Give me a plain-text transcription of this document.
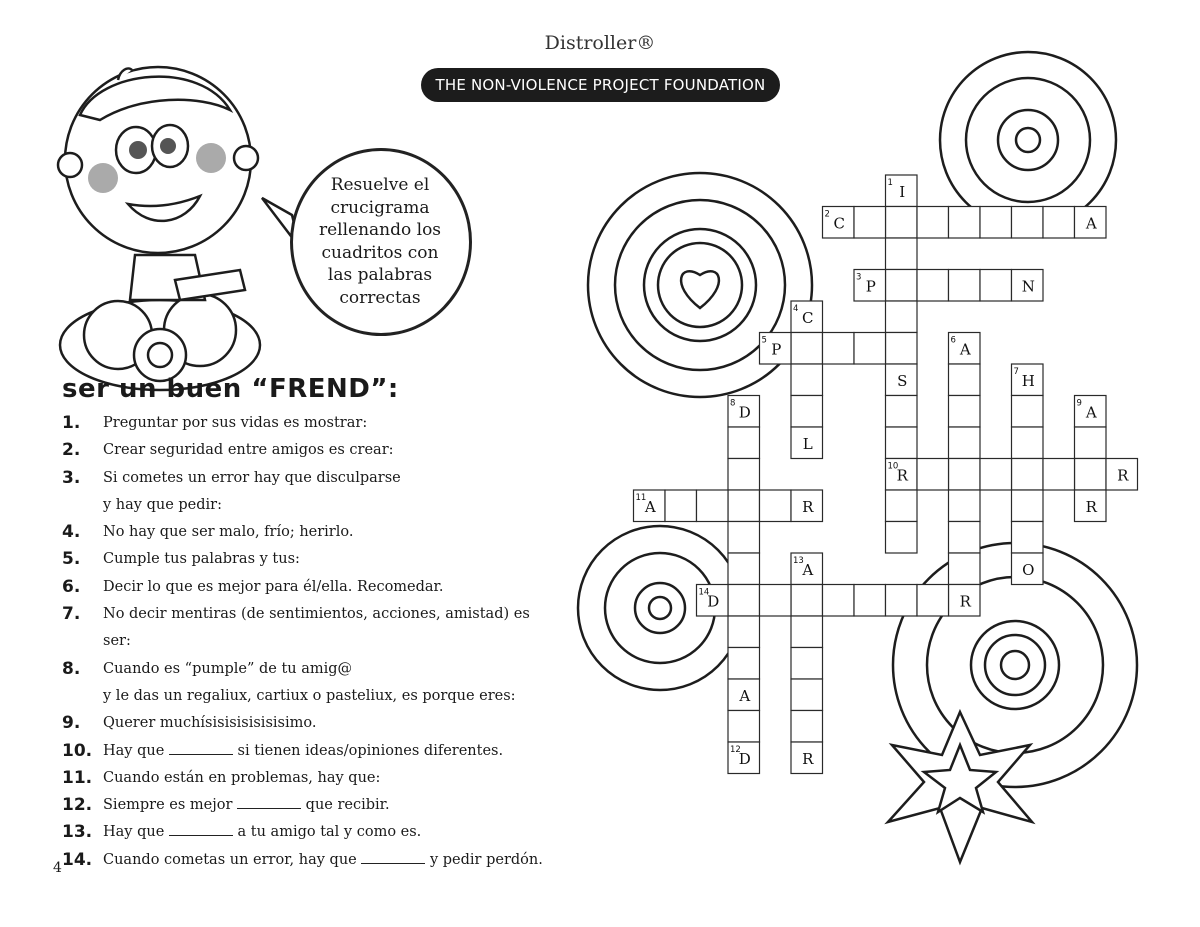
Distroller®
THE NON-VIOLENCE PROJECT FOUNDATION
1
2
3
4
5	6
7
8	9
10
11
13
14
12
I
C	A
P	N
C
P	A
S	H
D	A
L
R	R
A	R	R
A	O
D	R
A
D	R
Resuelve el
crucigrama
rellenando los
cuadritos con
las palabras
correctas
ser un buen “FREND”:
1.	Preguntar por sus vidas es mostrar:
2.	Crear seguridad entre amigos es crear:
3.	Si cometes un error hay que disculparse
y hay que pedir:
4.	No hay que ser malo, frío; herirlo.
5.	Cumple tus palabras y tus:
6.	Decir lo que es mejor para él/ella. Recomedar.
7.	No decir mentiras (de sentimientos, acciones, amistad) es ser:
8.	Cuando es “pumple” de tu amig@
y le das un regaliux, cartiux o pasteliux, es porque eres:
9.	Querer muchísisisisisisisimo.
10. Hay que	si tienen ideas/opiniones diferentes.
11. Cuando están en problemas, hay que:
12. Siempre es mejor	que recibir.
13. Hay que	a tu amigo tal y como es.
14. Cuando cometas un error, hay que	y pedir perdón.
4
